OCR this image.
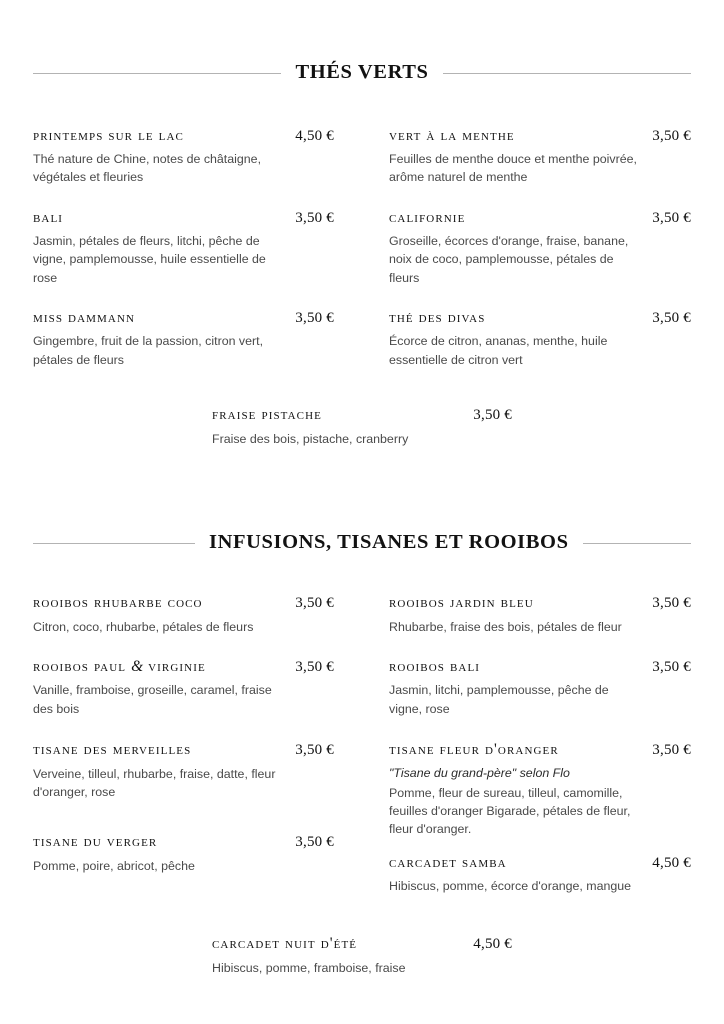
THÉS VERTS
printemps sur le lac	4,50 €
Thé nature de Chine, notes de châtaigne, végétales et fleuries
bali	3,50 €
Jasmin, pétales de fleurs, litchi, pêche de vigne, pamplemousse, huile essentielle de rose
miss dammann	3,50 €
Gingembre, fruit de la passion, citron vert, pétales de fleurs
vert à la menthe	3,50 €
Feuilles de menthe douce et menthe poivrée, arôme naturel de menthe
californie	3,50 €
Groseille, écorces d'orange, fraise, banane, noix de coco, pamplemousse, pétales de fleurs
thé des divas	3,50 €
Écorce de citron, ananas, menthe, huile essentielle de citron vert
fraise pistache	3,50 €
Fraise des bois, pistache, cranberry
INFUSIONS, TISANES ET ROOIBOS
rooibos rhubarbe coco	3,50 €
Citron, coco, rhubarbe, pétales de fleurs
rooibos paul & virginie	3,50 €
Vanille, framboise, groseille, caramel, fraise des bois
tisane des merveilles	3,50 €
Verveine, tilleul, rhubarbe, fraise, datte, fleur d'oranger, rose
tisane du verger	3,50 €
Pomme, poire, abricot, pêche
rooibos jardin bleu	3,50 €
Rhubarbe, fraise des bois, pétales de fleur
rooibos bali	3,50 €
Jasmin, litchi, pamplemousse, pêche de vigne, rose
tisane fleur d'oranger	3,50 €
"Tisane du grand-père" selon Flo
Pomme, fleur de sureau, tilleul, camomille, feuilles d'oranger Bigarade, pétales de fleur, fleur d'oranger.
carcadet samba	4,50 €
Hibiscus, pomme, écorce d'orange, mangue
carcadet nuit d'été	4,50 €
Hibiscus, pomme, framboise, fraise
